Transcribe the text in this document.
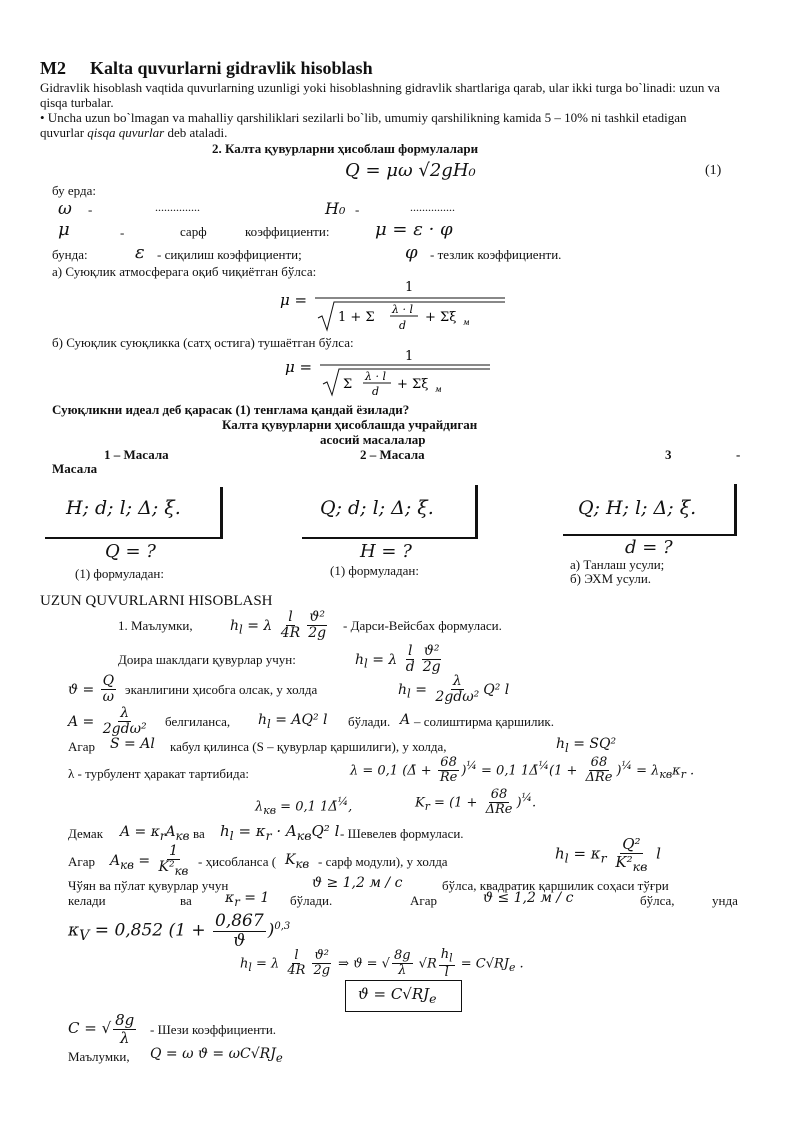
M2 Kalta quvurlarni gidravlik hisoblash
Gidravlik hisoblash vaqtida quvurlarning uzunligi yoki hisoblashning gidravlik shartlariga qarab, ular ikki turga bo`linadi: uzun va
qisqa turbalar.
• Uncha uzun bo`lmagan va mahalliy qarshiliklari sezilarli bo`lib, umumiy qarshilikning kamida 5 – 10% ni tashkil etadigan
quvurlar qisqa quvurlar deb ataladi.
2. Калта қувурларни ҳисоблаш формулалари
Q = μω √2gH₀	(1)
бу ерда:
ω -	...............	H₀ -	...............
μ	-	сарф	коэффициенти:	μ = ε · φ
бунда:	ε - сиқилиш коэффициенти;	φ - тезлик коэффициенти.
а) Суюқлик атмосферага оқиб чиқиётган бўлса:
μ =
1
1 + Σ
λ · l
d
+ Σξ м
б) Суюқлик суюқликка (сатҳ остига) тушаётган бўлса:
μ =
1
Σ
λ · l
d + Σξ м
Суюқликни идеал деб қарасак (1) тенглама қандай ёзилади?
Калта қувурларни ҳисоблашда учрайдиган
асосий масалалар
1 – Масала	2 – Масала	3	-
Масала
H; d; l; Δ; ξ.
Q = ?
(1) формуладан:
Q; d; l; Δ; ξ.
H = ?
(1) формуладан:
Q; H; l; Δ; ξ.
d = ?
а) Танлаш усули;
б) ЭХМ усули.
UZUN QUVURLARNI HISOBLASH
1. Маълумки,	$h_l = \lambda \frac{l}{4R} \frac{\text{ϑ²}}{2g}$ - Дарси-Вейсбах формуласи.
Доира шаклдаги қувурлар учун:	$h_l = \lambda \frac{l}{d} \frac{\text{ϑ²}}{2g}$
$ϑ = \frac{Q}{\omega}$ эканлигини ҳисобга олсак, у холда	$h_l = \frac{\lambda}{\text{2gdω²}} Q^2$ l
$A = \frac{\lambda}{\text{2gdω²}}$ белгиланса, $h_l = AQ^2$ l бўлади. A – солиштирма қаршилик.
Агар S = Al кабул қилинса (S – қувурлар қаршилиги), у холда,	$h_l = SQ^2$
λ - турбулент ҳаракат тартибида:	λ = 0,1 (Δ̄ + $\frac{68}{Re} )^{\frac{1}{4}} = 0,1$ 1Δ̄$^{\frac{1}{4}}$(1 + $\frac{68}{\text{ΔRe}} )^{\frac{1}{4}} = \lambda_{кв}\kappa_r$ .
$\lambda_{кв} = 0,1$ 1Δ̄$^{\frac{1}{4}}$,	$K_r = (1 + \frac{68}{\text{ΔRe}} )^{\frac{1}{4}}$.
Демак $A = \kappa_rA_{кв}$ ва $h_l = \kappa_r \cdot A_{кв}Q^2$ l - Шевелев формуласи.
Агар $A_{кв} = \frac{1}{K^2_{кв}}$ - ҳисобланса ( $K_{кв}$ - сарф модули), у холда	$h_l = \kappa_r \frac{\text{Q²}}{K^2_{кв}}$ l
Чўян ва пўлат қувурлар учун	ϑ ≥ 1,2 м / с	бўлса, квадратик қаршилик соҳаси тўғри
келади	ва $\kappa_r = 1$ бўлади.	Агар	ϑ ≤ 1,2 м / с	бўлса,	унда
$\kappa_V = 0,852$ $(1 + \frac{0,867}{ϑ} )^{0,3}$
$h_l = \lambda \frac{l}{4R} \frac{\text{ϑ²}}{2g}$ ⇒ ϑ = √ $\frac{8g}{\lambda} √R \frac{h_l}{l} = C√RJ_e$ .
$ϑ = C√RJ_e$
C = √ $\frac{8g}{\lambda}$ - Шези коэффициенти.
Маълумки, Q = ω $ϑ = \omega C√RJ_e$
